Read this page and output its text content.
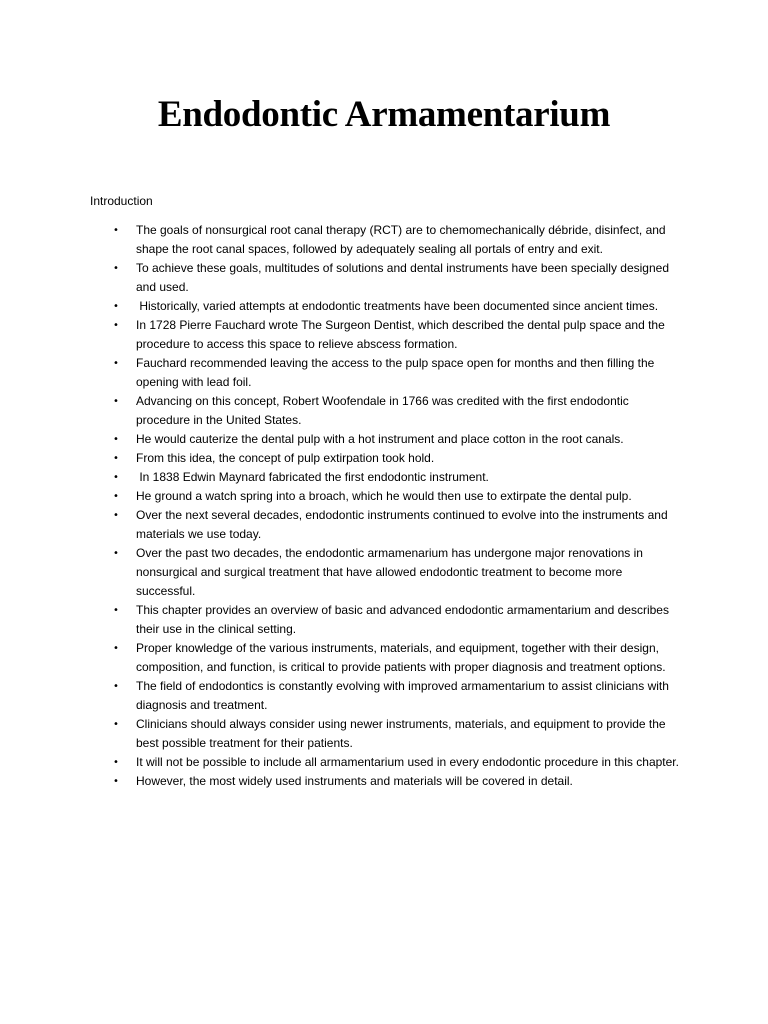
Endodontic Armamentarium
Introduction
• The goals of nonsurgical root canal therapy (RCT) are to chemomechanically débride, disinfect, and shape the root canal spaces, followed by adequately sealing all portals of entry and exit.
• To achieve these goals, multitudes of solutions and dental instruments have been specially designed and used.
• Historically, varied attempts at endodontic treatments have been documented since ancient times.
• In 1728 Pierre Fauchard wrote The Surgeon Dentist, which described the dental pulp space and the procedure to access this space to relieve abscess formation.
• Fauchard recommended leaving the access to the pulp space open for months and then filling the opening with lead foil.
• Advancing on this concept, Robert Woofendale in 1766 was credited with the first endodontic procedure in the United States.
• He would cauterize the dental pulp with a hot instrument and place cotton in the root canals.
• From this idea, the concept of pulp extirpation took hold.
• In 1838 Edwin Maynard fabricated the first endodontic instrument.
• He ground a watch spring into a broach, which he would then use to extirpate the dental pulp.
• Over the next several decades, endodontic instruments continued to evolve into the instruments and materials we use today.
• Over the past two decades, the endodontic armamenarium has undergone major renovations in nonsurgical and surgical treatment that have allowed endodontic treatment to become more successful.
• This chapter provides an overview of basic and advanced endodontic armamentarium and describes their use in the clinical setting.
• Proper knowledge of the various instruments, materials, and equipment, together with their design, composition, and function, is critical to provide patients with proper diagnosis and treatment options.
• The field of endodontics is constantly evolving with improved armamentarium to assist clinicians with diagnosis and treatment.
• Clinicians should always consider using newer instruments, materials, and equipment to provide the best possible treatment for their patients.
• It will not be possible to include all armamentarium used in every endodontic procedure in this chapter.
• However, the most widely used instruments and materials will be covered in detail.
